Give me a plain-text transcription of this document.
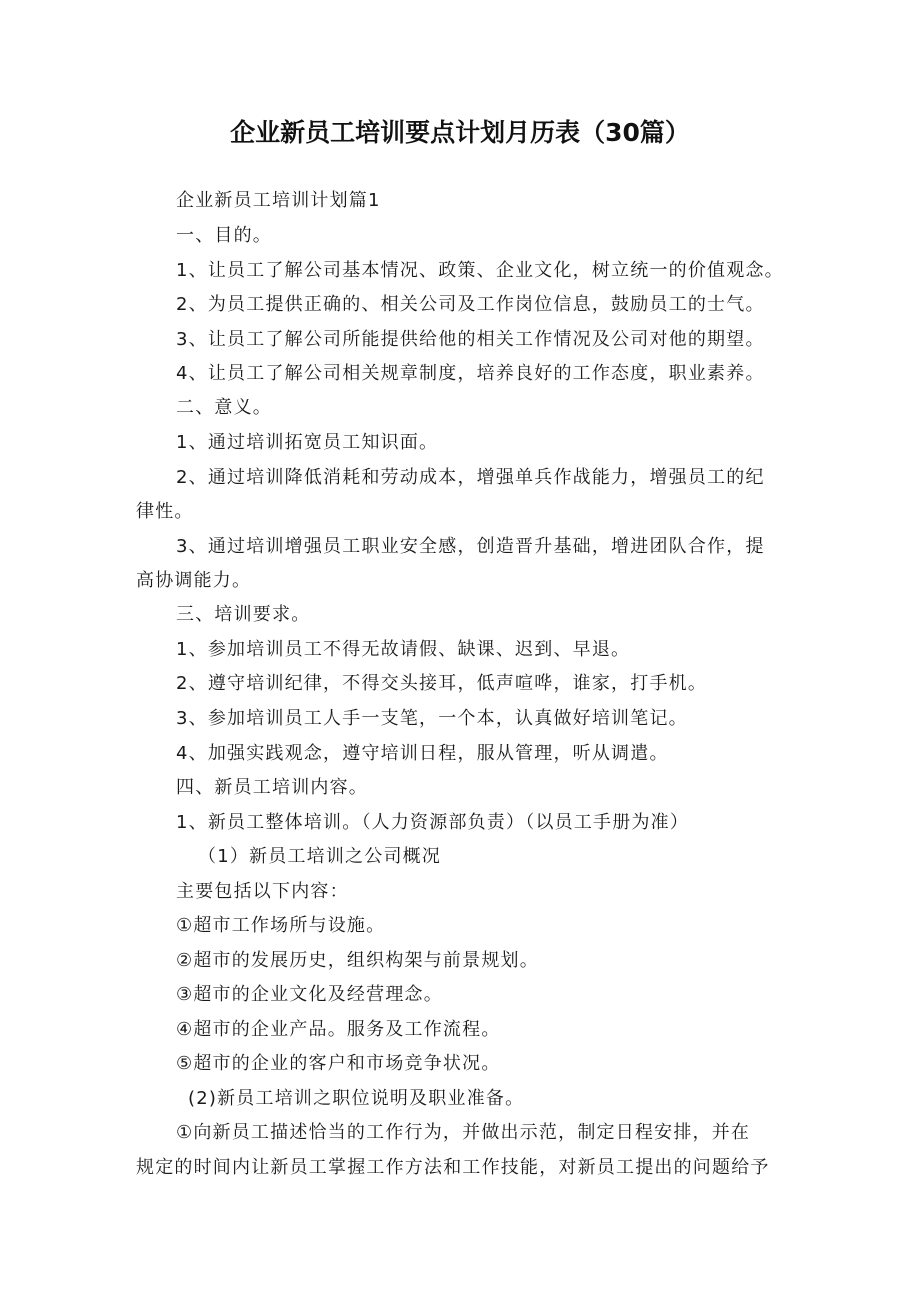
企业新员工培训要点计划月历表（30篇）
企业新员工培训计划篇1
一、目的。
1、让员工了解公司基本情况、政策、企业文化，树立统一的价值观念。
2、为员工提供正确的、相关公司及工作岗位信息，鼓励员工的士气。
3、让员工了解公司所能提供给他的相关工作情况及公司对他的期望。
4、让员工了解公司相关规章制度，培养良好的工作态度，职业素养。
二、意义。
1、通过培训拓宽员工知识面。
2、通过培训降低消耗和劳动成本，增强单兵作战能力，增强员工的纪
律性。
3、通过培训增强员工职业安全感，创造晋升基础，增进团队合作，提
高协调能力。
三、培训要求。
1、参加培训员工不得无故请假、缺课、迟到、早退。
2、遵守培训纪律，不得交头接耳，低声喧哗，谁家，打手机。
3、参加培训员工人手一支笔，一个本，认真做好培训笔记。
4、加强实践观念，遵守培训日程，服从管理，听从调遣。
四、新员工培训内容。
1、新员工整体培训。（人力资源部负责）（以员工手册为准）
（1）新员工培训之公司概况
主要包括以下内容：
①超市工作场所与设施。
②超市的发展历史，组织构架与前景规划。
③超市的企业文化及经营理念。
④超市的企业产品。服务及工作流程。
⑤超市的企业的客户和市场竞争状况。
(2)新员工培训之职位说明及职业准备。
①向新员工描述恰当的工作行为，并做出示范，制定日程安排，并在
规定的时间内让新员工掌握工作方法和工作技能，对新员工提出的问题给予
